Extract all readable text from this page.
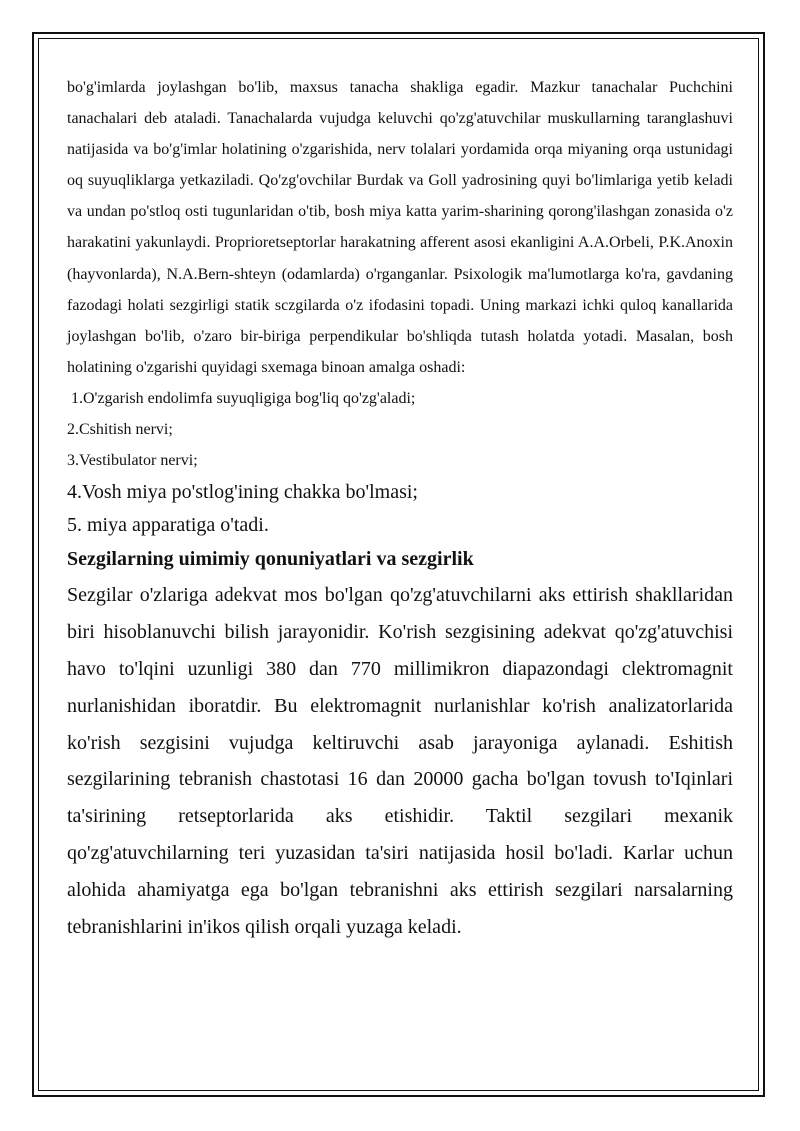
bo'g'imlarda joylashgan bo'lib, maxsus tanacha shakliga egadir. Mazkur tanachalar Puchchini tanachalari deb ataladi. Tanachalarda vujudga keluvchi qo'zg'atuvchilar muskullarning taranglashuvi natijasida va bo'g'imlar holatining o'zgarishida, nerv tolalari yordamida orqa miyaning orqa ustunidagi oq suyuqliklarga yetkaziladi. Qo'zg'ovchilar Burdak va Goll yadrosining quyi bo'limlariga yetib keladi va undan po'stloq osti tugunlaridan o'tib, bosh miya katta yarim-sharining qorong'ilashgan zonasida o'z harakatini yakunlaydi. Proprioretseptorlar harakatning afferent asosi ekanligini A.A.Orbeli, P.K.Anoxin (hayvonlarda), N.A.Bern-shteyn (odamlarda) o'rganganlar. Psixologik ma'lumotlarga ko'ra, gavdaning fazodagi holati sezgirligi statik sczgilarda o'z ifodasini topadi. Uning markazi ichki quloq kanallarida joylashgan bo'lib, o'zaro bir-biriga perpendikular bo'shliqda tutash holatda yotadi. Masalan, bosh holatining o'zgarishi quyidagi sxemaga binoan amalga oshadi:

1.O'zgarish endolimfa suyuqligiga bog'liq qo'zg'aladi;

2.Cshitish nervi;

3.Vestibulator nervi;

4.Vosh miya po'stlog'ining chakka bo'lmasi;

5. miya apparatiga o'tadi.

Sezgilarning uimimiy qonuniyatlari va sezgirlik

Sezgilar o'zlariga adekvat mos bo'lgan qo'zg'atuvchilarni aks ettirish shakllaridan biri hisoblanuvchi bilish jarayonidir. Ko'rish sezgisining adekvat qo'zg'atuvchisi havo to'lqini uzunligi 380 dan 770 millimikron diapazondagi clektromagnit nurlanishidan iboratdir. Bu elektromagnit nurlanishlar ko'rish analizatorlarida ko'rish sezgisini vujudga keltiruvchi asab jarayoniga aylanadi. Eshitish sezgilarining tebranish chastotasi 16 dan 20000 gacha bo'lgan tovush to'Iqinlari ta'sirining retseptorlarida aks etishidir. Taktil sezgilari mexanik qo'zg'atuvchilarning teri yuzasidan ta'siri natijasida hosil bo'ladi. Karlar uchun alohida ahamiyatga ega bo'lgan tebranishni aks ettirish sezgilari narsalarning tebranishlarini in'ikos qilish orqali yuzaga keladi.
